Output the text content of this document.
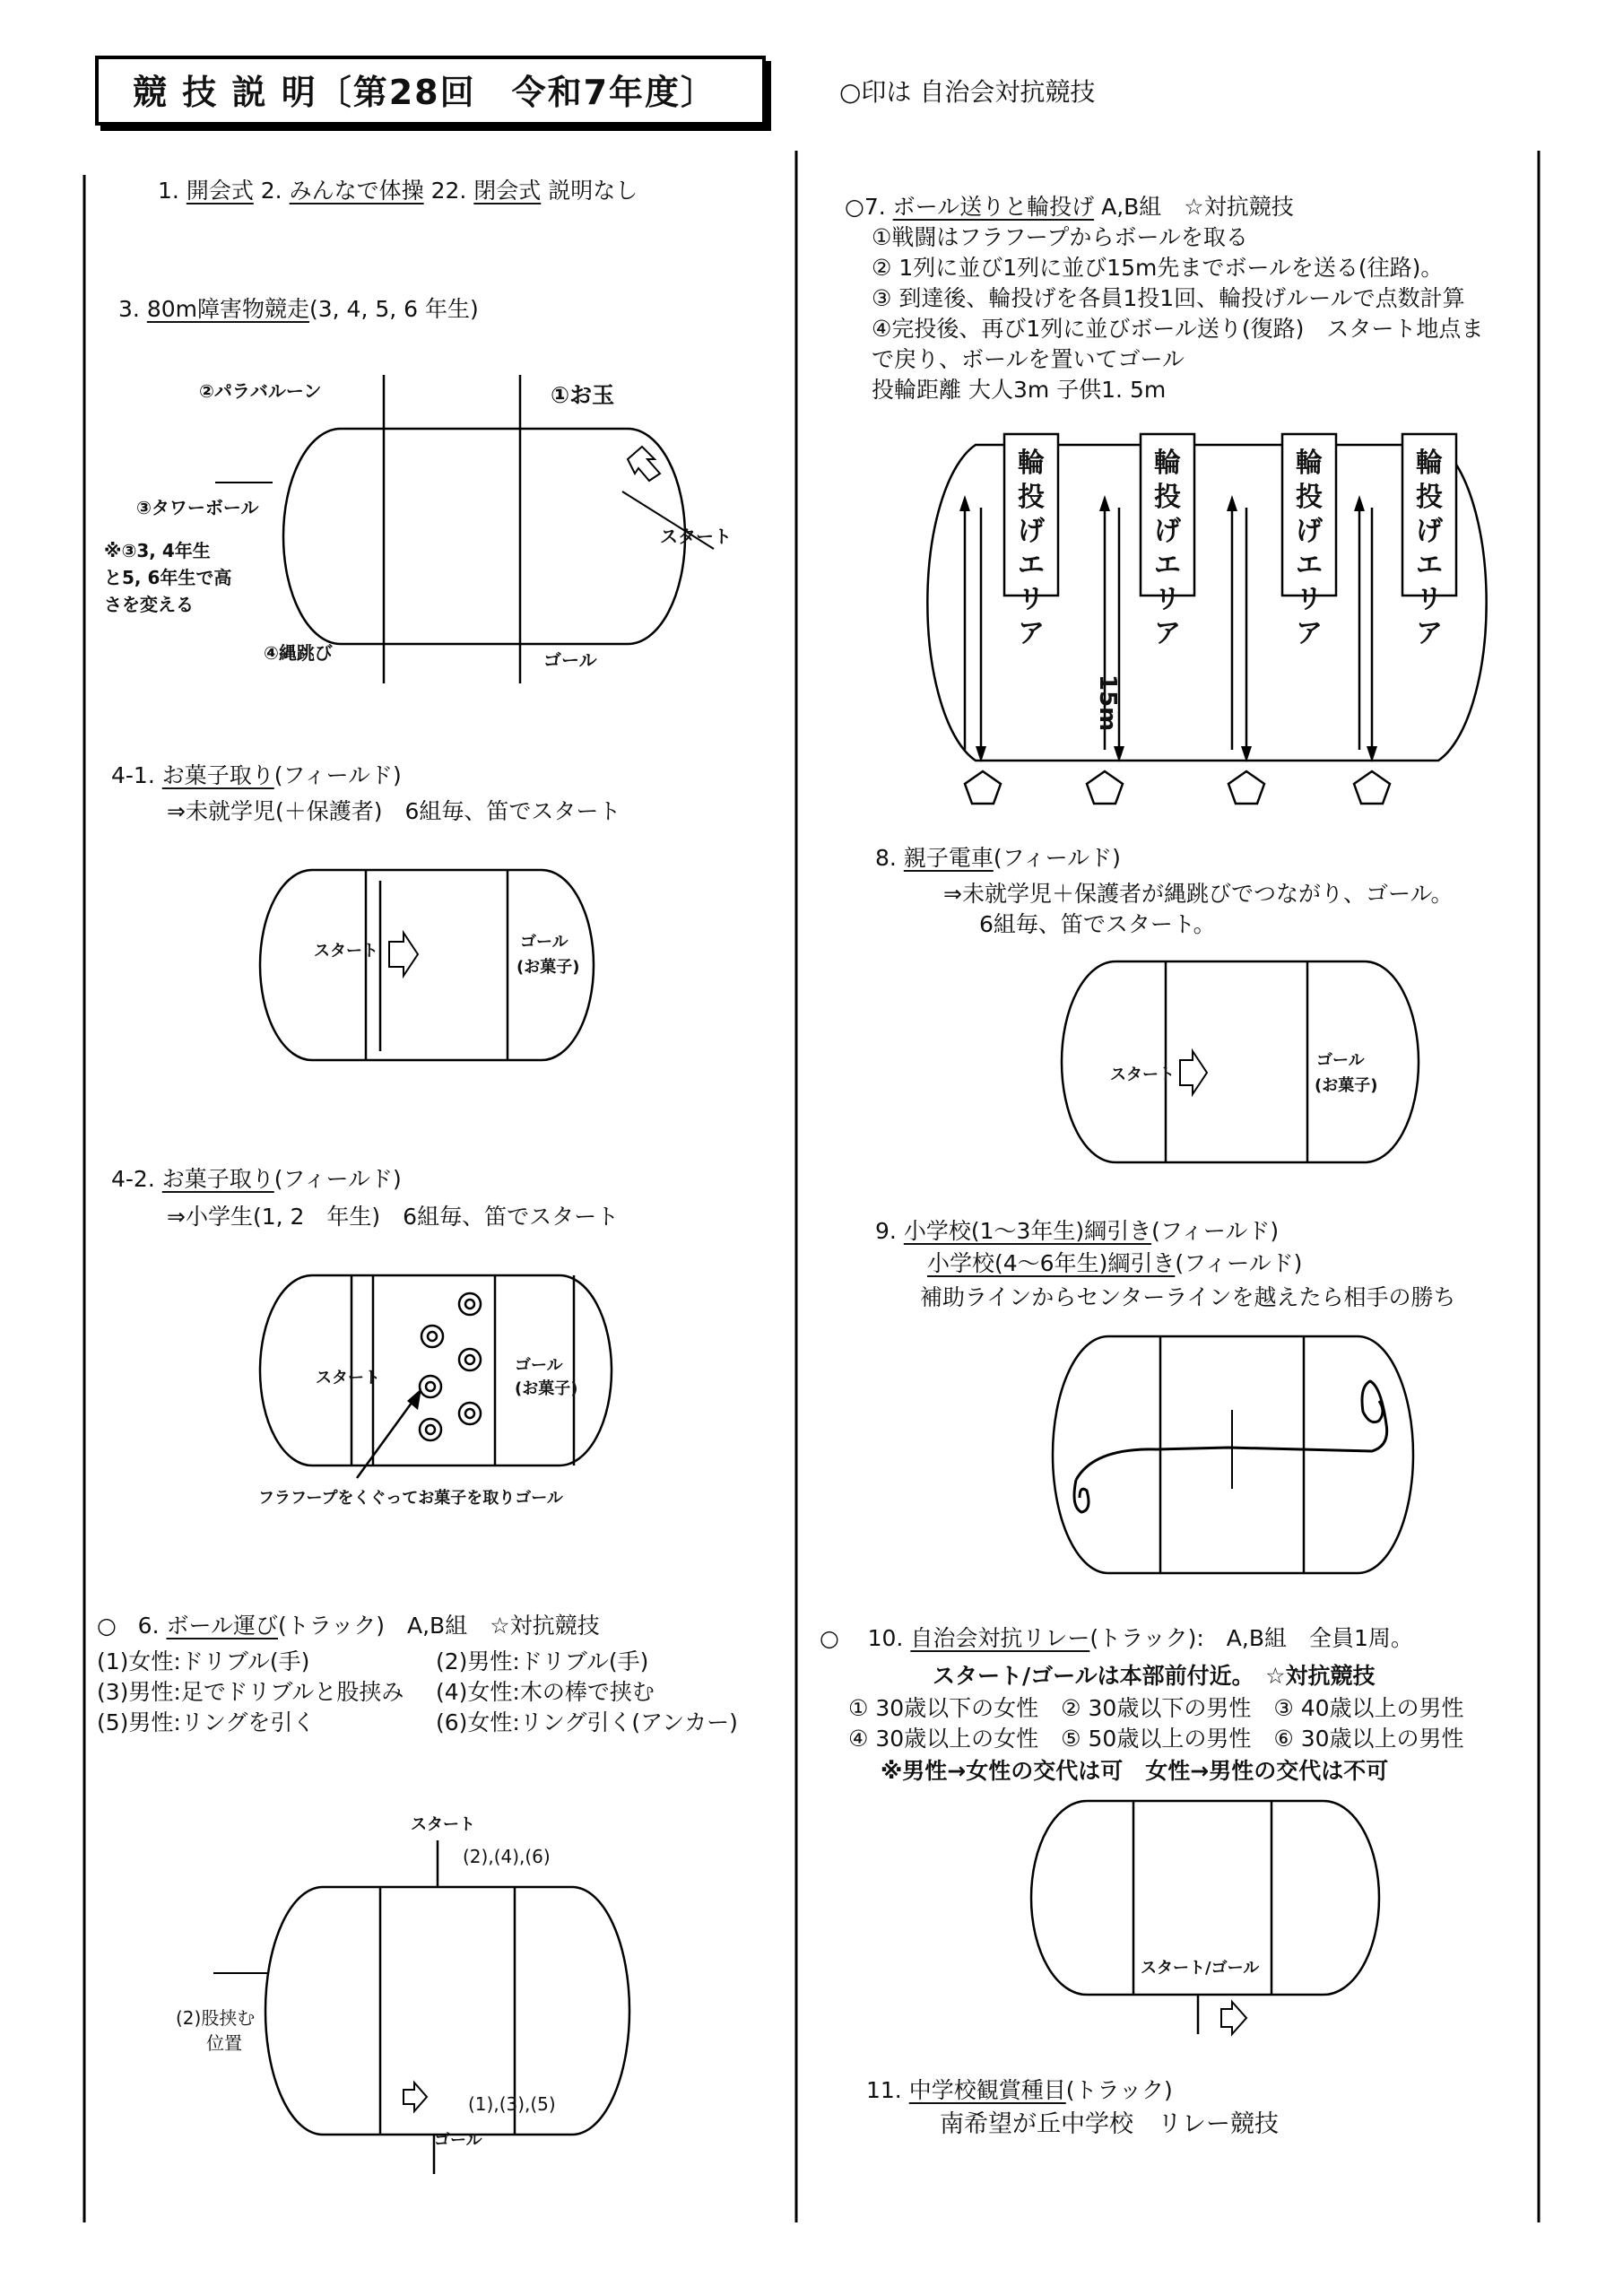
競 技 説 明〔第28回　令和7年度〕	○印は 自治会対抗競技
1. 開会式 2. みんなで体操 22. 閉会式 説明なし
3. 80m障害物競走(3, 4, 5, 6 年生)
②パラバルーン	①お玉
③タワーボール
※③3, 4年生
と5, 6年生で高
さを変える
スタート
④縄跳び	ゴール
4-1. お菓子取り(フィールド)
⇒未就学児(＋保護者)　6組毎、笛でスタート
スタート	ゴール
(お菓子)
4-2. お菓子取り(フィールド)
⇒小学生(1, 2　年生)　6組毎、笛でスタート
スタート
ゴール
(お菓子)
フラフープをくぐってお菓子を取りゴール
○ 6. ボール運び(トラック)　A,B組　☆対抗競技
(1)女性:ドリブル(手)	(2)男性:ドリブル(手)
(3)男性:足でドリブルと股挟み (4)女性:木の棒で挟む
(5)男性:リングを引く	(6)女性:リング引く(アンカー)
スタート
(2),(4),(6)
(2)股挟む
位置
(1),(3),(5)
ゴール
○7. ボール送りと輪投げ A,B組　☆対抗競技
①戦闘はフラフープからボールを取る
② 1列に並び1列に並び15m先までボールを送る(往路)。
③ 到達後、輪投げを各員1投1回、輪投げルールで点数計算
④完投後、再び1列に並びボール送り(復路)　スタート地点ま
で戻り、ボールを置いてゴール
投輪距離 大人3m 子供1. 5m
輪投げエリア
輪投げエリア
輪投げエリア
輪投げエリア
15m
8. 親子電車(フィールド)
⇒未就学児＋保護者が縄跳びでつながり、ゴール。
6組毎、笛でスタート。
スタート
ゴール
(お菓子)
9. 小学校(1～3年生)綱引き(フィールド)
小学校(4～6年生)綱引き(フィールド)
補助ラインからセンターラインを越えたら相手の勝ち
○ 10. 自治会対抗リレー(トラック):　A,B組　全員1周。
スタート/ゴールは本部前付近。　☆対抗競技
① 30歳以下の女性　② 30歳以下の男性　③ 40歳以上の男性
④ 30歳以上の女性　⑤ 50歳以上の男性　⑥ 30歳以上の男性
※男性→女性の交代は可　女性→男性の交代は不可
スタート/ゴール
11. 中学校観賞種目(トラック)
南希望が丘中学校　リレー競技
